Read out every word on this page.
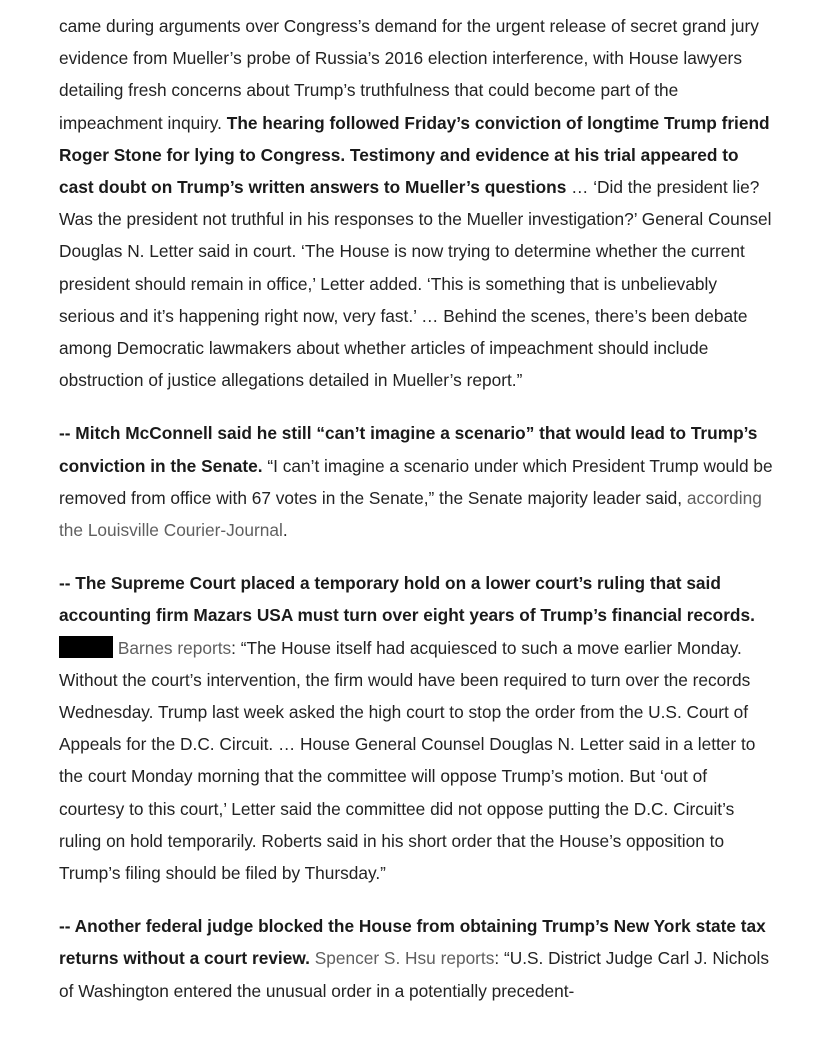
came during arguments over Congress’s demand for the urgent release of secret grand jury evidence from Mueller’s probe of Russia’s 2016 election interference, with House lawyers detailing fresh concerns about Trump’s truthfulness that could become part of the impeachment inquiry. The hearing followed Friday’s conviction of longtime Trump friend Roger Stone for lying to Congress. Testimony and evidence at his trial appeared to cast doubt on Trump’s written answers to Mueller’s questions … ‘Did the president lie? Was the president not truthful in his responses to the Mueller investigation?’ General Counsel Douglas N. Letter said in court. ‘The House is now trying to determine whether the current president should remain in office,’ Letter added. ‘This is something that is unbelievably serious and it’s happening right now, very fast.’ … Behind the scenes, there’s been debate among Democratic lawmakers about whether articles of impeachment should include obstruction of justice allegations detailed in Mueller’s report.”

-- Mitch McConnell said he still “can’t imagine a scenario” that would lead to Trump’s conviction in the Senate. “I can’t imagine a scenario under which President Trump would be removed from office with 67 votes in the Senate,” the Senate majority leader said, according the Louisville Courier-Journal.

-- The Supreme Court placed a temporary hold on a lower court’s ruling that said accounting firm Mazars USA must turn over eight years of Trump’s financial records.  Barnes reports: “The House itself had acquiesced to such a move earlier Monday. Without the court’s intervention, the firm would have been required to turn over the records Wednesday. Trump last week asked the high court to stop the order from the U.S. Court of Appeals for the D.C. Circuit. … House General Counsel Douglas N. Letter said in a letter to the court Monday morning that the committee will oppose Trump’s motion. But ‘out of courtesy to this court,’ Letter said the committee did not oppose putting the D.C. Circuit’s ruling on hold temporarily. Roberts said in his short order that the House’s opposition to Trump’s filing should be filed by Thursday.”

-- Another federal judge blocked the House from obtaining Trump’s New York state tax returns without a court review. Spencer S. Hsu reports: “U.S. District Judge Carl J. Nichols of Washington entered the unusual order in a potentially precedent-
